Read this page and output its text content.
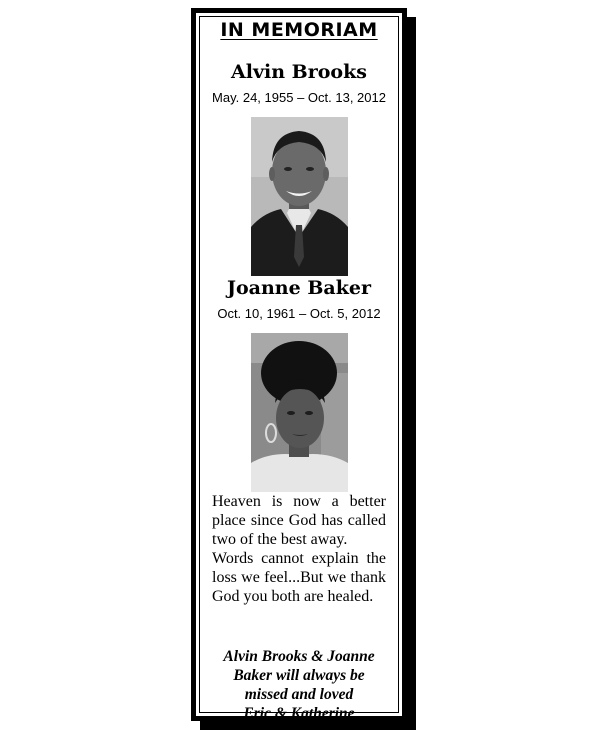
IN MEMORIAM
Alvin Brooks
May. 24, 1955 – Oct. 13, 2012
Joanne Baker
Oct. 10, 1961 – Oct. 5, 2012

Heaven is now a better place since God has called two of the best away.

Words cannot explain the loss we feel...But we thank God you both are healed.

Alvin Brooks & Joanne
Baker will always be
missed and loved
Eric & Katherine
